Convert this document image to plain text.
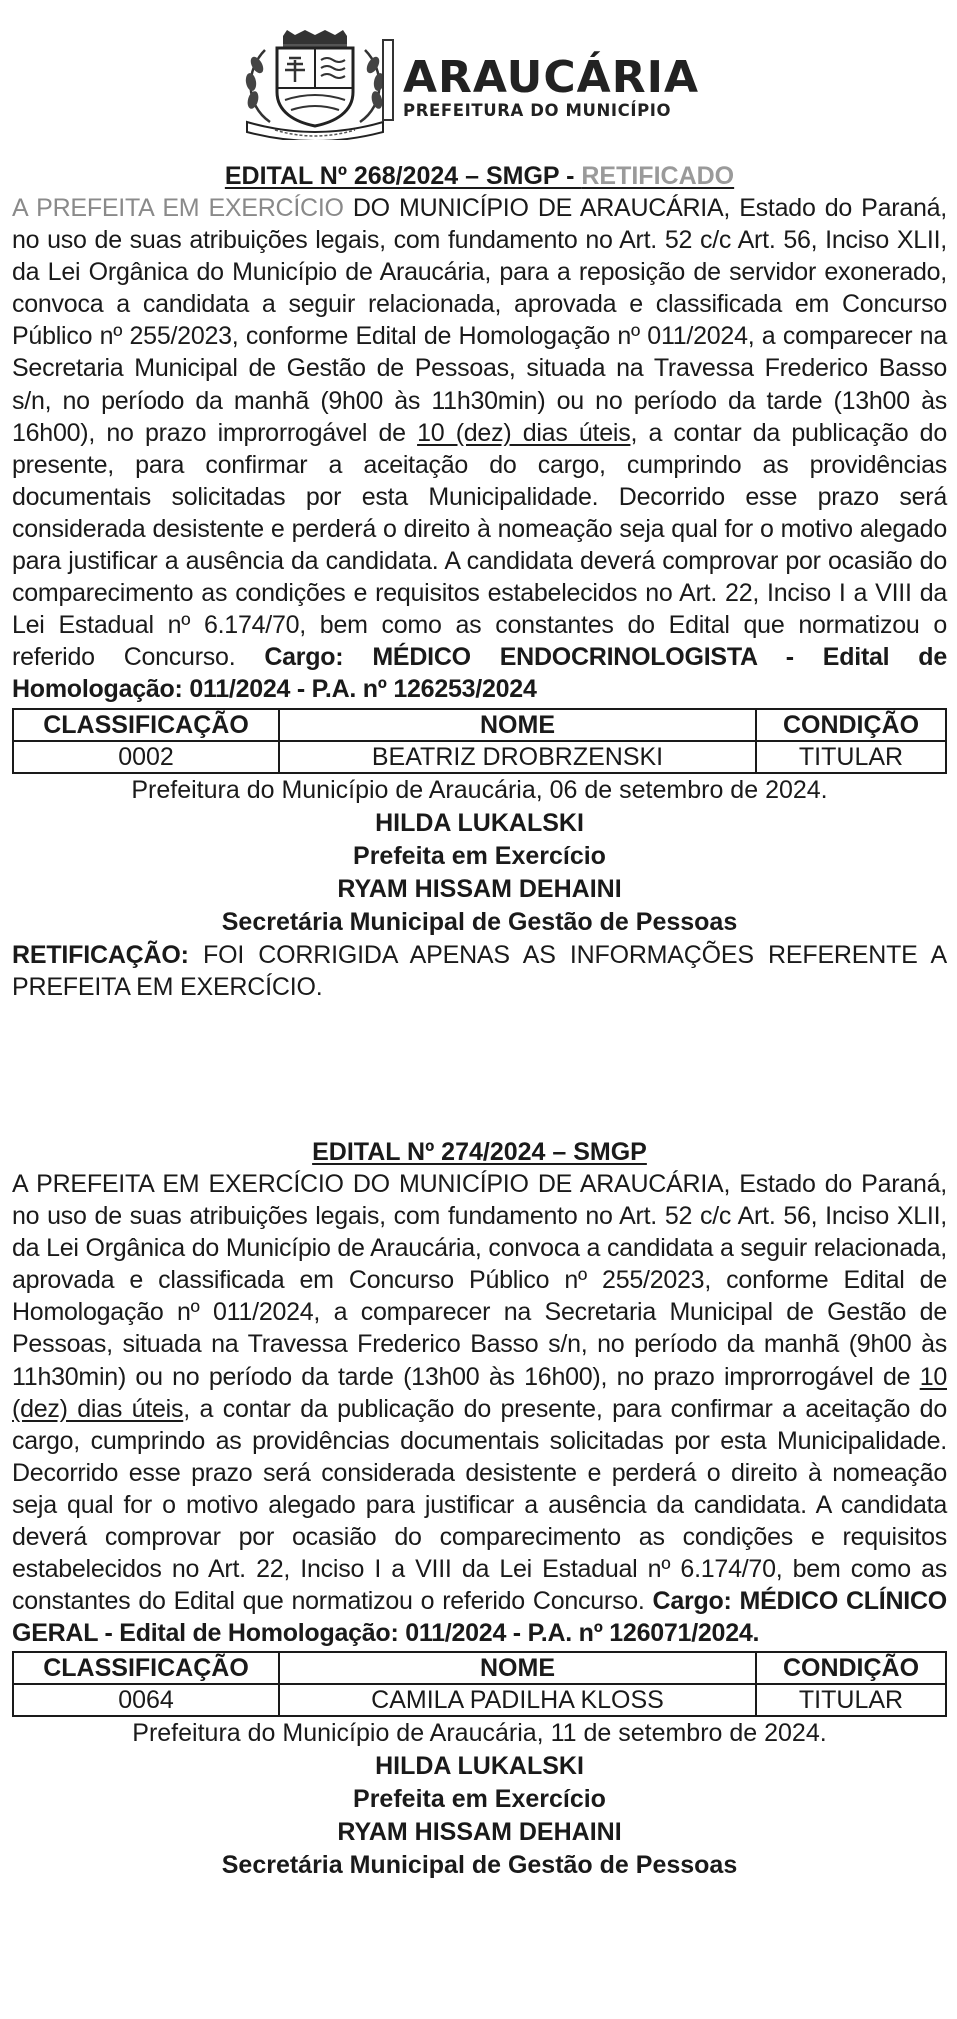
ARAUCÁRIA
PREFEITURA DO MUNICÍPIO
EDITAL Nº 268/2024 – SMGP - RETIFICADO
A PREFEITA EM EXERCÍCIO DO MUNICÍPIO DE ARAUCÁRIA, Estado do Paraná, no uso de suas atribuições legais, com fundamento no Art. 52 c/c Art. 56, Inciso XLII, da Lei Orgânica do Município de Araucária, para a reposição de servidor exonerado, convoca a candidata a seguir relacionada, aprovada e classificada em Concurso Público nº 255/2023, conforme Edital de Homologação nº 011/2024, a comparecer na Secretaria Municipal de Gestão de Pessoas, situada na Travessa Frederico Basso s/n, no período da manhã (9h00 às 11h30min) ou no período da tarde (13h00 às 16h00), no prazo improrrogável de 10 (dez) dias úteis, a contar da publicação do presente, para confirmar a aceitação do cargo, cumprindo as providências documentais solicitadas por esta Municipalidade. Decorrido esse prazo será considerada desistente e perderá o direito à nomeação seja qual for o motivo alegado para justificar a ausência da candidata. A candidata deverá comprovar por ocasião do comparecimento as condições e requisitos estabelecidos no Art. 22, Inciso I a VIII da Lei Estadual nº 6.174/70, bem como as constantes do Edital que normatizou o referido Concurso. Cargo: MÉDICO ENDOCRINOLOGISTA - Edital de Homologação: 011/2024 - P.A. nº 126253/2024
CLASSIFICAÇÃO	NOME	CONDIÇÃO
0002	BEATRIZ DROBRZENSKI	TITULAR
Prefeitura do Município de Araucária, 06 de setembro de 2024.
HILDA LUKALSKI
Prefeita em Exercício
RYAM HISSAM DEHAINI
Secretária Municipal de Gestão de Pessoas
RETIFICAÇÃO: FOI CORRIGIDA APENAS AS INFORMAÇÕES REFERENTE A PREFEITA EM EXERCÍCIO.
EDITAL Nº 274/2024 – SMGP
A PREFEITA EM EXERCÍCIO DO MUNICÍPIO DE ARAUCÁRIA, Estado do Paraná, no uso de suas atribuições legais, com fundamento no Art. 52 c/c Art. 56, Inciso XLII, da Lei Orgânica do Município de Araucária, convoca a candidata a seguir relacionada, aprovada e classificada em Concurso Público nº 255/2023, conforme Edital de Homologação nº 011/2024, a comparecer na Secretaria Municipal de Gestão de Pessoas, situada na Travessa Frederico Basso s/n, no período da manhã (9h00 às 11h30min) ou no período da tarde (13h00 às 16h00), no prazo improrrogável de 10 (dez) dias úteis, a contar da publicação do presente, para confirmar a aceitação do cargo, cumprindo as providências documentais solicitadas por esta Municipalidade. Decorrido esse prazo será considerada desistente e perderá o direito à nomeação seja qual for o motivo alegado para justificar a ausência da candidata. A candidata deverá comprovar por ocasião do comparecimento as condições e requisitos estabelecidos no Art. 22, Inciso I a VIII da Lei Estadual nº 6.174/70, bem como as constantes do Edital que normatizou o referido Concurso. Cargo: MÉDICO CLÍNICO GERAL - Edital de Homologação: 011/2024 - P.A. nº 126071/2024.
CLASSIFICAÇÃO	NOME	CONDIÇÃO
0064	CAMILA PADILHA KLOSS	TITULAR
Prefeitura do Município de Araucária, 11 de setembro de 2024.
HILDA LUKALSKI
Prefeita em Exercício
RYAM HISSAM DEHAINI
Secretária Municipal de Gestão de Pessoas
